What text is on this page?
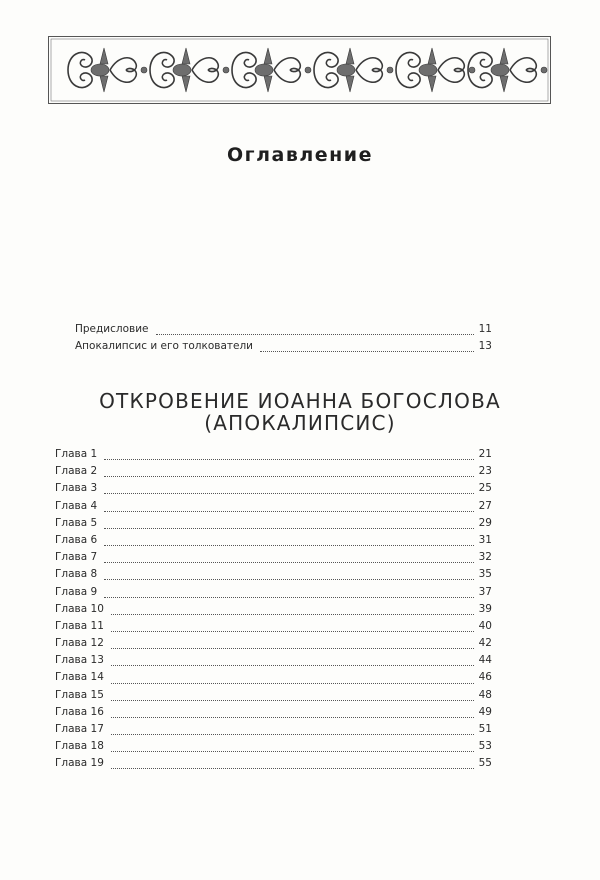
Оглавление
Предисловие	11
Апокалипсис и его толкователи	13
ОТКРОВЕНИЕ ИОАННА БОГОСЛОВА
(АПОКАЛИПСИС)
Глава 1	21
Глава 2	23
Глава 3	25
Глава 4	27
Глава 5	29
Глава 6	31
Глава 7	32
Глава 8	35
Глава 9	37
Глава 10	39
Глава 11	40
Глава 12	42
Глава 13	44
Глава 14	46
Глава 15	48
Глава 16	49
Глава 17	51
Глава 18	53
Глава 19	55
